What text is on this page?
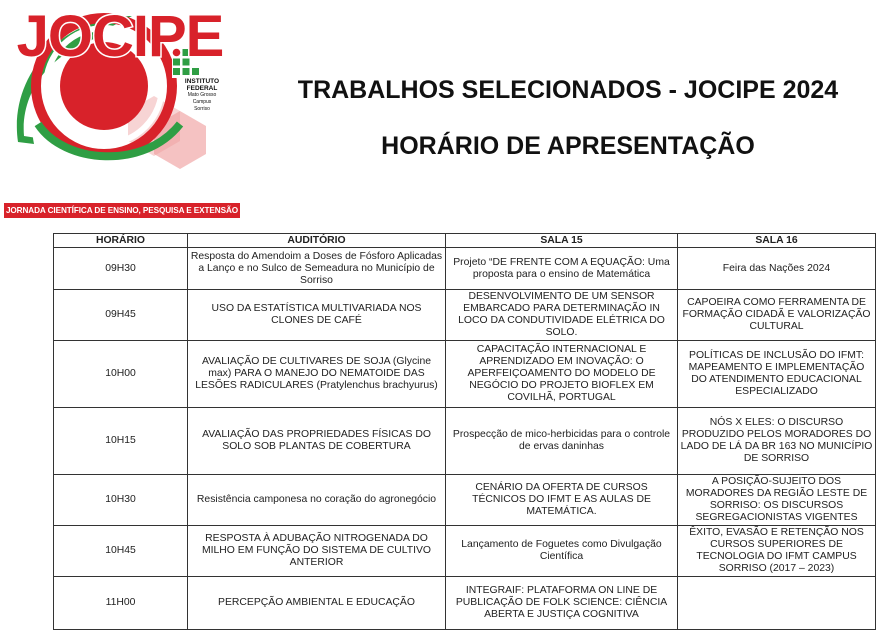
INSTITUTO
FEDERAL
Mato Grosso
Campus
Sorriso
JOCIPE
JORNADA CIENTÍFICA DE ENSINO, PESQUISA E EXTENSÃO
TRABALHOS SELECIONADOS - JOCIPE 2024
HORÁRIO DE APRESENTAÇÃO
HORÁRIO	AUDITÓRIO	SALA 15	SALA 16
09H30	Resposta do Amendoim a Doses de Fósforo Aplicadas a Lanço e no Sulco de Semeadura no Município de Sorriso	Projeto “DE FRENTE COM A EQUAÇÃO: Uma proposta para o ensino de Matemática	Feira das Nações 2024
09H45	USO DA ESTATÍSTICA MULTIVARIADA NOS CLONES DE CAFÉ	DESENVOLVIMENTO DE UM SENSOR EMBARCADO PARA DETERMINAÇÃO IN LOCO DA CONDUTIVIDADE ELÉTRICA DO SOLO.	CAPOEIRA COMO FERRAMENTA DE FORMAÇÃO CIDADÃ E VALORIZAÇÃO CULTURAL
10H00	AVALIAÇÃO DE CULTIVARES DE SOJA (Glycine max) PARA O MANEJO DO NEMATOIDE DAS LESÕES RADICULARES (Pratylenchus brachyurus)	CAPACITAÇÃO INTERNACIONAL E APRENDIZADO EM INOVAÇÃO: O APERFEIÇOAMENTO DO MODELO DE NEGÓCIO DO PROJETO BIOFLEX EM COVILHÃ, PORTUGAL	POLÍTICAS DE INCLUSÃO DO IFMT: MAPEAMENTO E IMPLEMENTAÇÃO DO ATENDIMENTO EDUCACIONAL ESPECIALIZADO
10H15	AVALIAÇÃO DAS PROPRIEDADES FÍSICAS DO SOLO SOB PLANTAS DE COBERTURA	Prospecção de mico-herbicidas para o controle de ervas daninhas	NÓS X ELES: O DISCURSO PRODUZIDO PELOS MORADORES DO LADO DE LÁ DA BR 163 NO MUNICÍPIO DE SORRISO
10H30	Resistência camponesa no coração do agronegócio	CENÁRIO DA OFERTA DE CURSOS TÉCNICOS DO IFMT E AS AULAS DE MATEMÁTICA.	A POSIÇÃO-SUJEITO DOS MORADORES DA REGIÃO LESTE DE SORRISO: OS DISCURSOS SEGREGACIONISTAS VIGENTES
10H45	RESPOSTA À ADUBAÇÃO NITROGENADA DO MILHO EM FUNÇÃO DO SISTEMA DE CULTIVO ANTERIOR	Lançamento de Foguetes como Divulgação Científica	ÊXITO, EVASÃO E RETENÇÃO NOS CURSOS SUPERIORES DE TECNOLOGIA DO IFMT CAMPUS SORRISO (2017 – 2023)
11H00	PERCEPÇÃO AMBIENTAL E EDUCAÇÃO	INTEGRAIF: PLATAFORMA ON LINE DE PUBLICAÇÃO DE FOLK SCIENCE: CIÊNCIA ABERTA E JUSTIÇA COGNITIVA	
